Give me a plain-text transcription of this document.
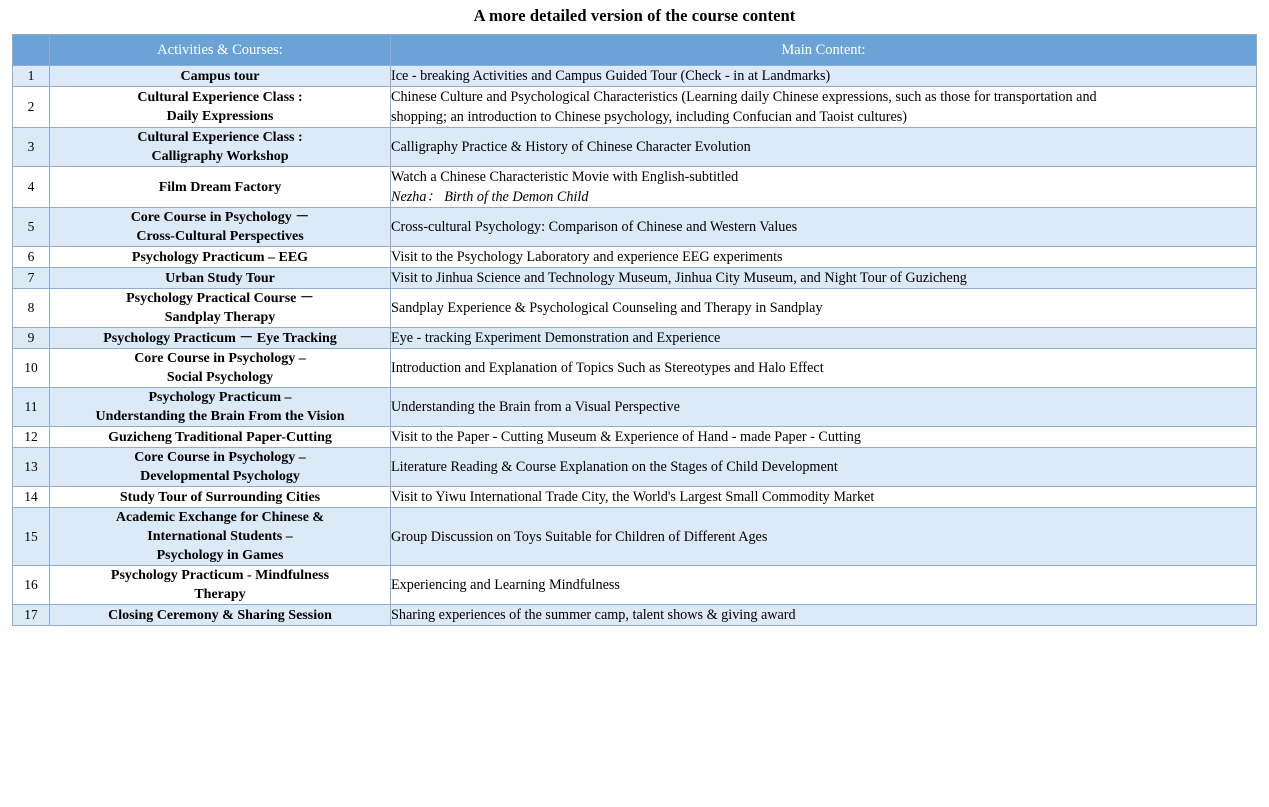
A more detailed version of the course content
	Activities & Courses:	Main Content:
1	Campus tour	Ice - breaking Activities and Campus Guided Tour (Check - in at Landmarks)

2	Cultural Experience Class :
Daily Expressions	Chinese Culture and Psychological Characteristics (Learning daily Chinese expressions, such as those for transportation and
shopping; an introduction to Chinese psychology, including Confucian and Taoist cultures)

3	Cultural Experience Class :
Calligraphy Workshop	Calligraphy Practice & History of Chinese Character Evolution

4	Film Dream Factory	Watch a Chinese Characteristic Movie with English-subtitled
Nezha： Birth of the Demon Child

5	Core Course in Psychology －
Cross-Cultural Perspectives	Cross-cultural Psychology: Comparison of Chinese and Western Values

6	Psychology Practicum – EEG	Visit to the Psychology Laboratory and experience EEG experiments

7	Urban Study Tour	Visit to Jinhua Science and Technology Museum, Jinhua City Museum, and Night Tour of Guzicheng

8	Psychology Practical Course －
Sandplay Therapy	Sandplay Experience & Psychological Counseling and Therapy in Sandplay

9	Psychology Practicum － Eye Tracking	Eye - tracking Experiment Demonstration and Experience

10	Core Course in Psychology –
Social Psychology	Introduction and Explanation of Topics Such as Stereotypes and Halo Effect

11	Psychology Practicum –
Understanding the Brain From the Vision	Understanding the Brain from a Visual Perspective

12	Guzicheng Traditional Paper-Cutting	Visit to the Paper - Cutting Museum & Experience of Hand - made Paper - Cutting

13	Core Course in Psychology –
Developmental Psychology	Literature Reading & Course Explanation on the Stages of Child Development

14	Study Tour of Surrounding Cities	Visit to Yiwu International Trade City, the World's Largest Small Commodity Market

15	Academic Exchange for Chinese &
International Students –
Psychology in Games	Group Discussion on Toys Suitable for Children of Different Ages

16	Psychology Practicum - Mindfulness
Therapy	Experiencing and Learning Mindfulness

17	Closing Ceremony & Sharing Session	Sharing experiences of the summer camp, talent shows & giving award
